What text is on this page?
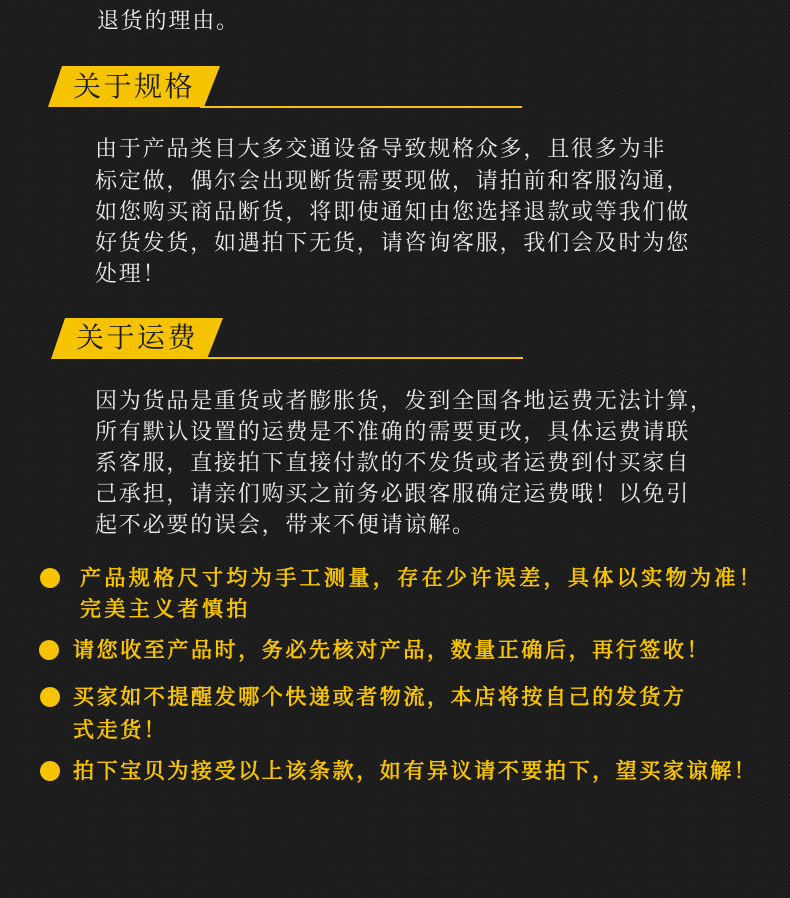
退货的理由。
关于规格
由于产品类目大多交通设备导致规格众多，且很多为非
标定做，偶尔会出现断货需要现做，请拍前和客服沟通，
如您购买商品断货，将即使通知由您选择退款或等我们做
好货发货，如遇拍下无货，请咨询客服，我们会及时为您
处理！
关于运费
因为货品是重货或者膨胀货，发到全国各地运费无法计算，
所有默认设置的运费是不准确的需要更改，具体运费请联
系客服，直接拍下直接付款的不发货或者运费到付买家自
己承担，请亲们购买之前务必跟客服确定运费哦！以免引
起不必要的误会，带来不便请谅解。
产品规格尺寸均为手工测量，存在少许误差，具体以实物为准！
完美主义者慎拍
请您收至产品时，务必先核对产品，数量正确后，再行签收！
买家如不提醒发哪个快递或者物流，本店将按自己的发货方
式走货！
拍下宝贝为接受以上该条款，如有异议请不要拍下，望买家谅解！
